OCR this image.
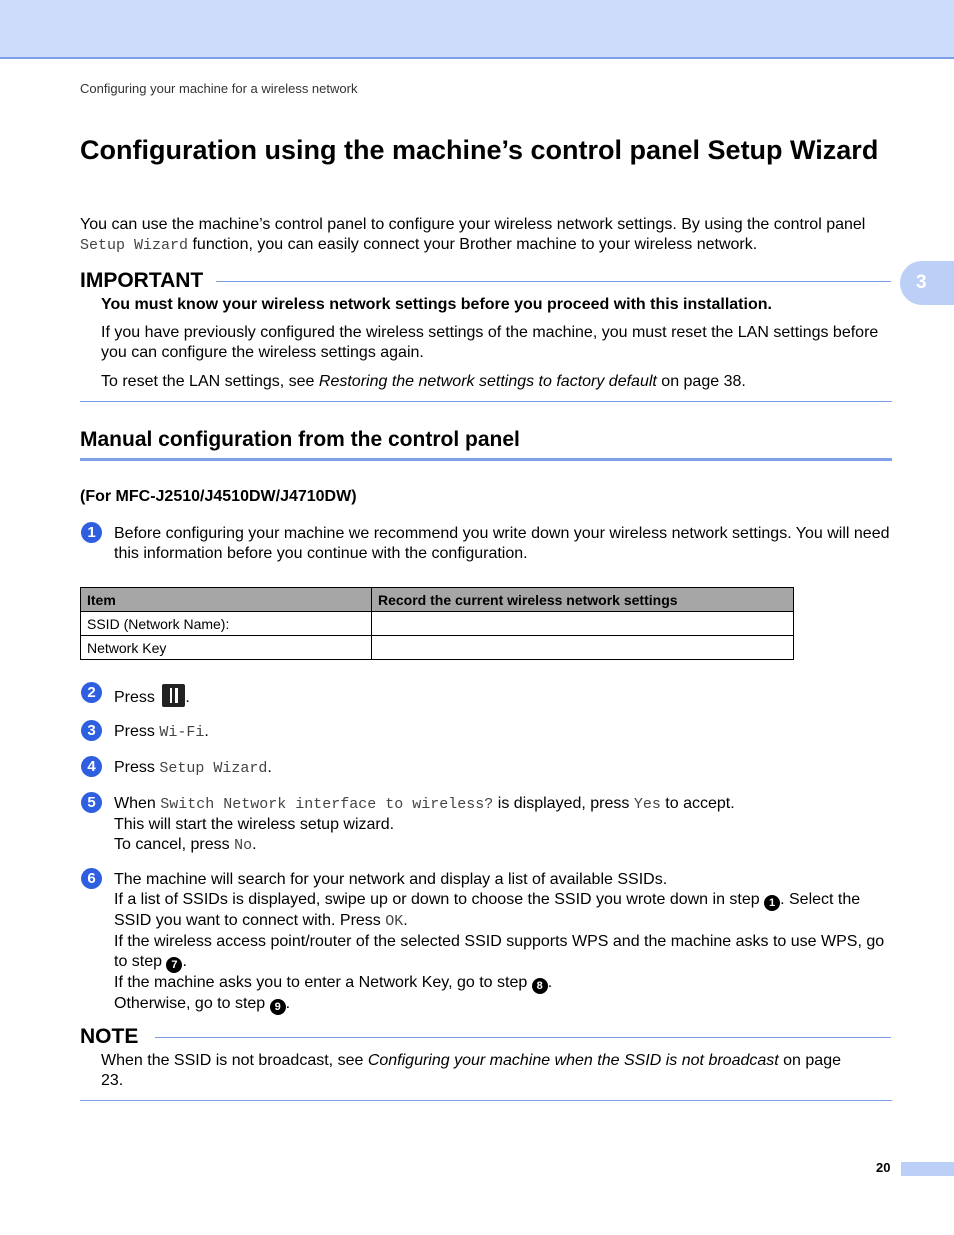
Configuring your machine for a wireless network
3
Configuration using the machine’s control panel Setup Wizard
You can use the machine’s control panel to configure your wireless network settings. By using the control panel Setup Wizard function, you can easily connect your Brother machine to your wireless network.
IMPORTANT
You must know your wireless network settings before you proceed with this installation.
If you have previously configured the wireless settings of the machine, you must reset the LAN settings before you can configure the wireless settings again.
To reset the LAN settings, see Restoring the network settings to factory default on page 38.
Manual configuration from the control panel
(For MFC-J2510/J4510DW/J4710DW)
1	Before configuring your machine we recommend you write down your wireless network settings. You will need this information before you continue with the configuration.
Item	Record the current wireless network settings
SSID (Network Name):	
Network Key	
2	Press .
3	Press Wi-Fi.
4	Press Setup Wizard.
5	When Switch Network interface to wireless? is displayed, press Yes to accept.
This will start the wireless setup wizard.
To cancel, press No.
6	The machine will search for your network and display a list of available SSIDs.
If a list of SSIDs is displayed, swipe up or down to choose the SSID you wrote down in step 1 . Select the SSID you want to connect with. Press OK.
If the wireless access point/router of the selected SSID supports WPS and the machine asks to use WPS, go to step 7 .
If the machine asks you to enter a Network Key, go to step 8 .
Otherwise, go to step 9 .
NOTE
When the SSID is not broadcast, see Configuring your machine when the SSID is not broadcast on page 23.
20
